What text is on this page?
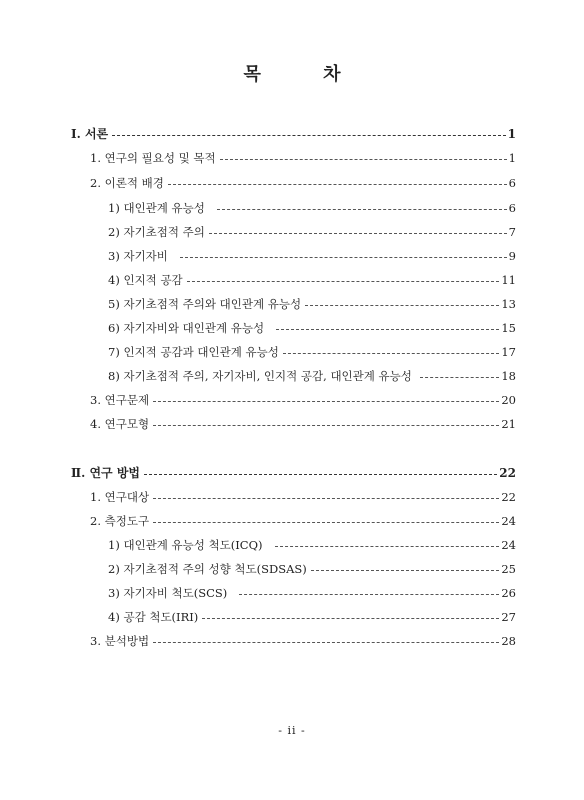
목 차
Ⅰ. 서론	1
1. 연구의 필요성 및 목적	1
2. 이론적 배경	6
1) 대인관계 유능성	6
2) 자기초점적 주의	7
3) 자기자비	9
4) 인지적 공감	11
5) 자기초점적 주의와 대인관계 유능성	13
6) 자기자비와 대인관계 유능성	15
7) 인지적 공감과 대인관계 유능성	17
8) 자기초점적 주의, 자기자비, 인지적 공감, 대인관계 유능성	18
3. 연구문제	20
4. 연구모형	21
Ⅱ. 연구 방법	22
1. 연구대상	22
2. 측정도구	24
1) 대인관계 유능성 척도(ICQ)	24
2) 자기초점적 주의 성향 척도(SDSAS)	25
3) 자기자비 척도(SCS)	26
4) 공감 척도(IRI)	27
3. 분석방법	28
- ii -
